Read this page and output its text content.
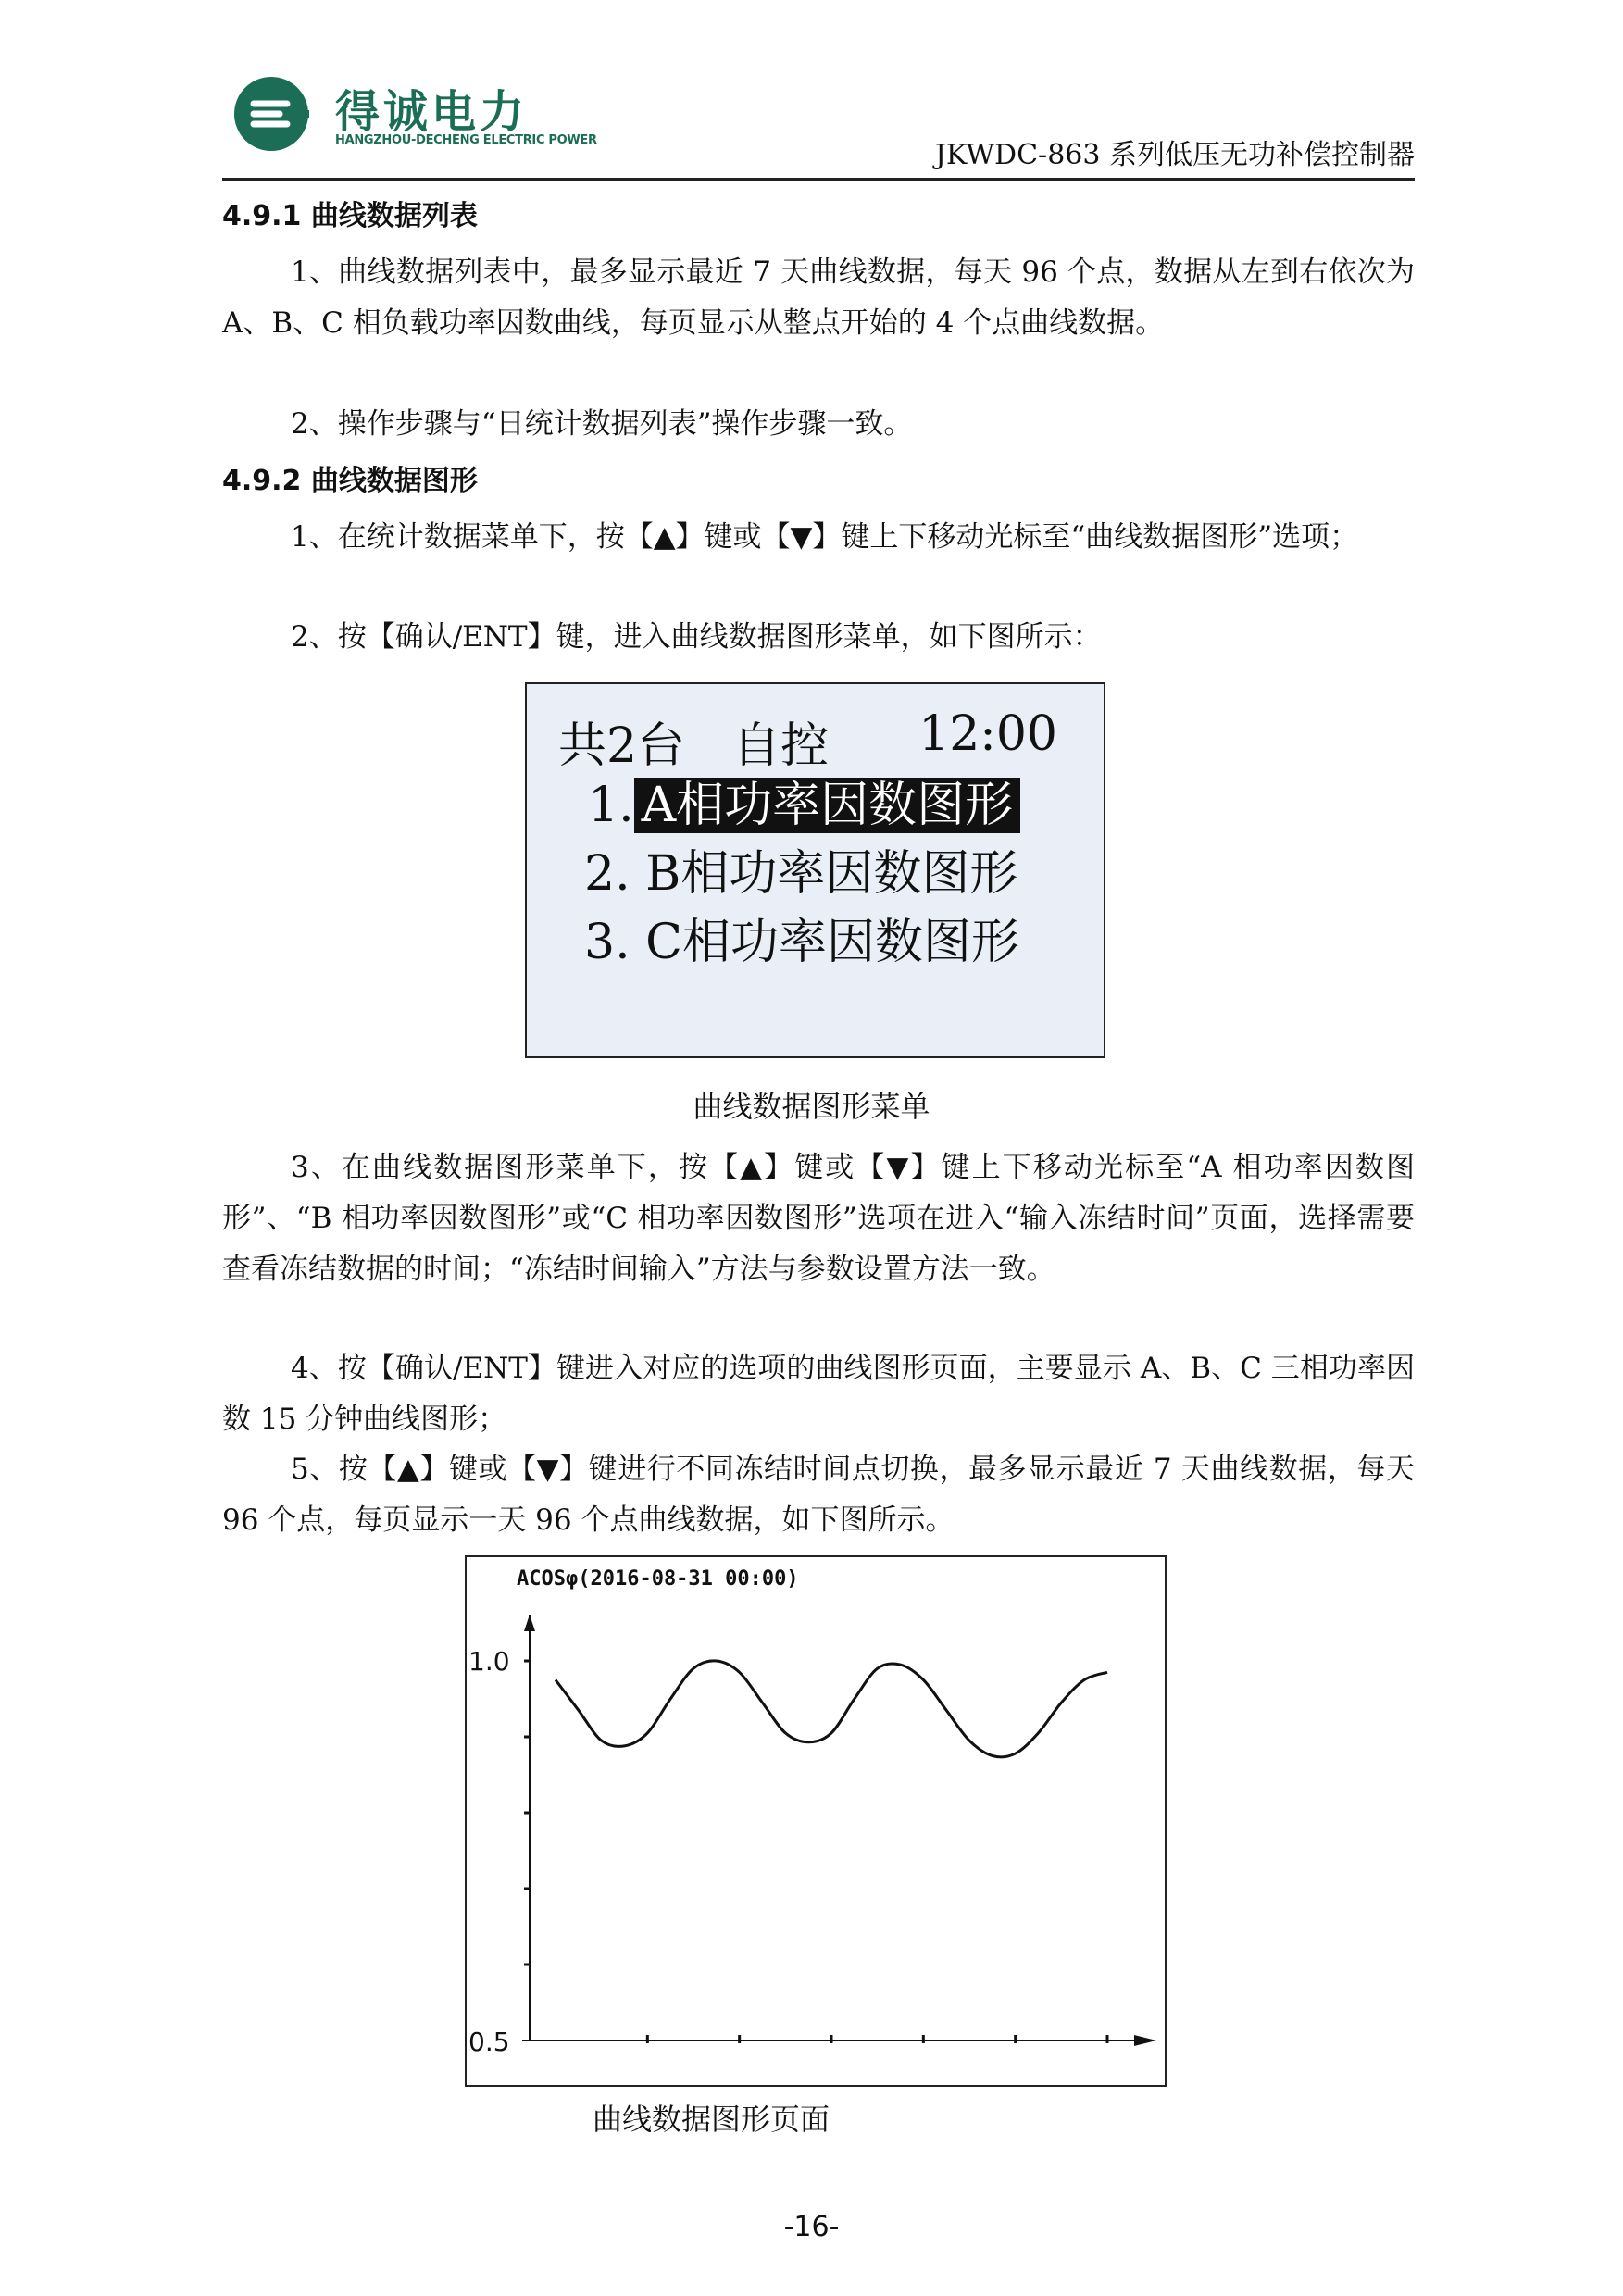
得诚电力
HANGZHOU-DECHENG ELECTRIC POWER	JKWDC-863 系列低压无功补偿控制器
4.9.1 曲线数据列表
1、曲线数据列表中，最多显示最近 7 天曲线数据，每天 96 个点，数据从左到右依次为 A、B、C 相负载功率因数曲线，每页显示从整点开始的 4 个点曲线数据。
2、操作步骤与“日统计数据列表”操作步骤一致。
4.9.2 曲线数据图形
1、在统计数据菜单下，按【▲】键或【▼】键上下移动光标至“曲线数据图形”选项；
2、按【确认/ENT】键，进入曲线数据图形菜单，如下图所示：
共2台 自控 12:00
1. A相功率因数图形
2. B相功率因数图形
3. C相功率因数图形
曲线数据图形菜单
3、在曲线数据图形菜单下，按【▲】键或【▼】键上下移动光标至“A 相功率因数图形”、“B 相功率因数图形”或“C 相功率因数图形”选项在进入“输入冻结时间”页面，选择需要查看冻结数据的时间；“冻结时间输入”方法与参数设置方法一致。
4、按【确认/ENT】键进入对应的选项的曲线图形页面，主要显示 A、B、C 三相功率因数 15 分钟曲线图形；
5、按【▲】键或【▼】键进行不同冻结时间点切换，最多显示最近 7 天曲线数据，每天 96 个点，每页显示一天 96 个点曲线数据，如下图所示。
ACOSφ(2016-08-31 00:00)
1.0
0.5
曲线数据图形页面
-16-
